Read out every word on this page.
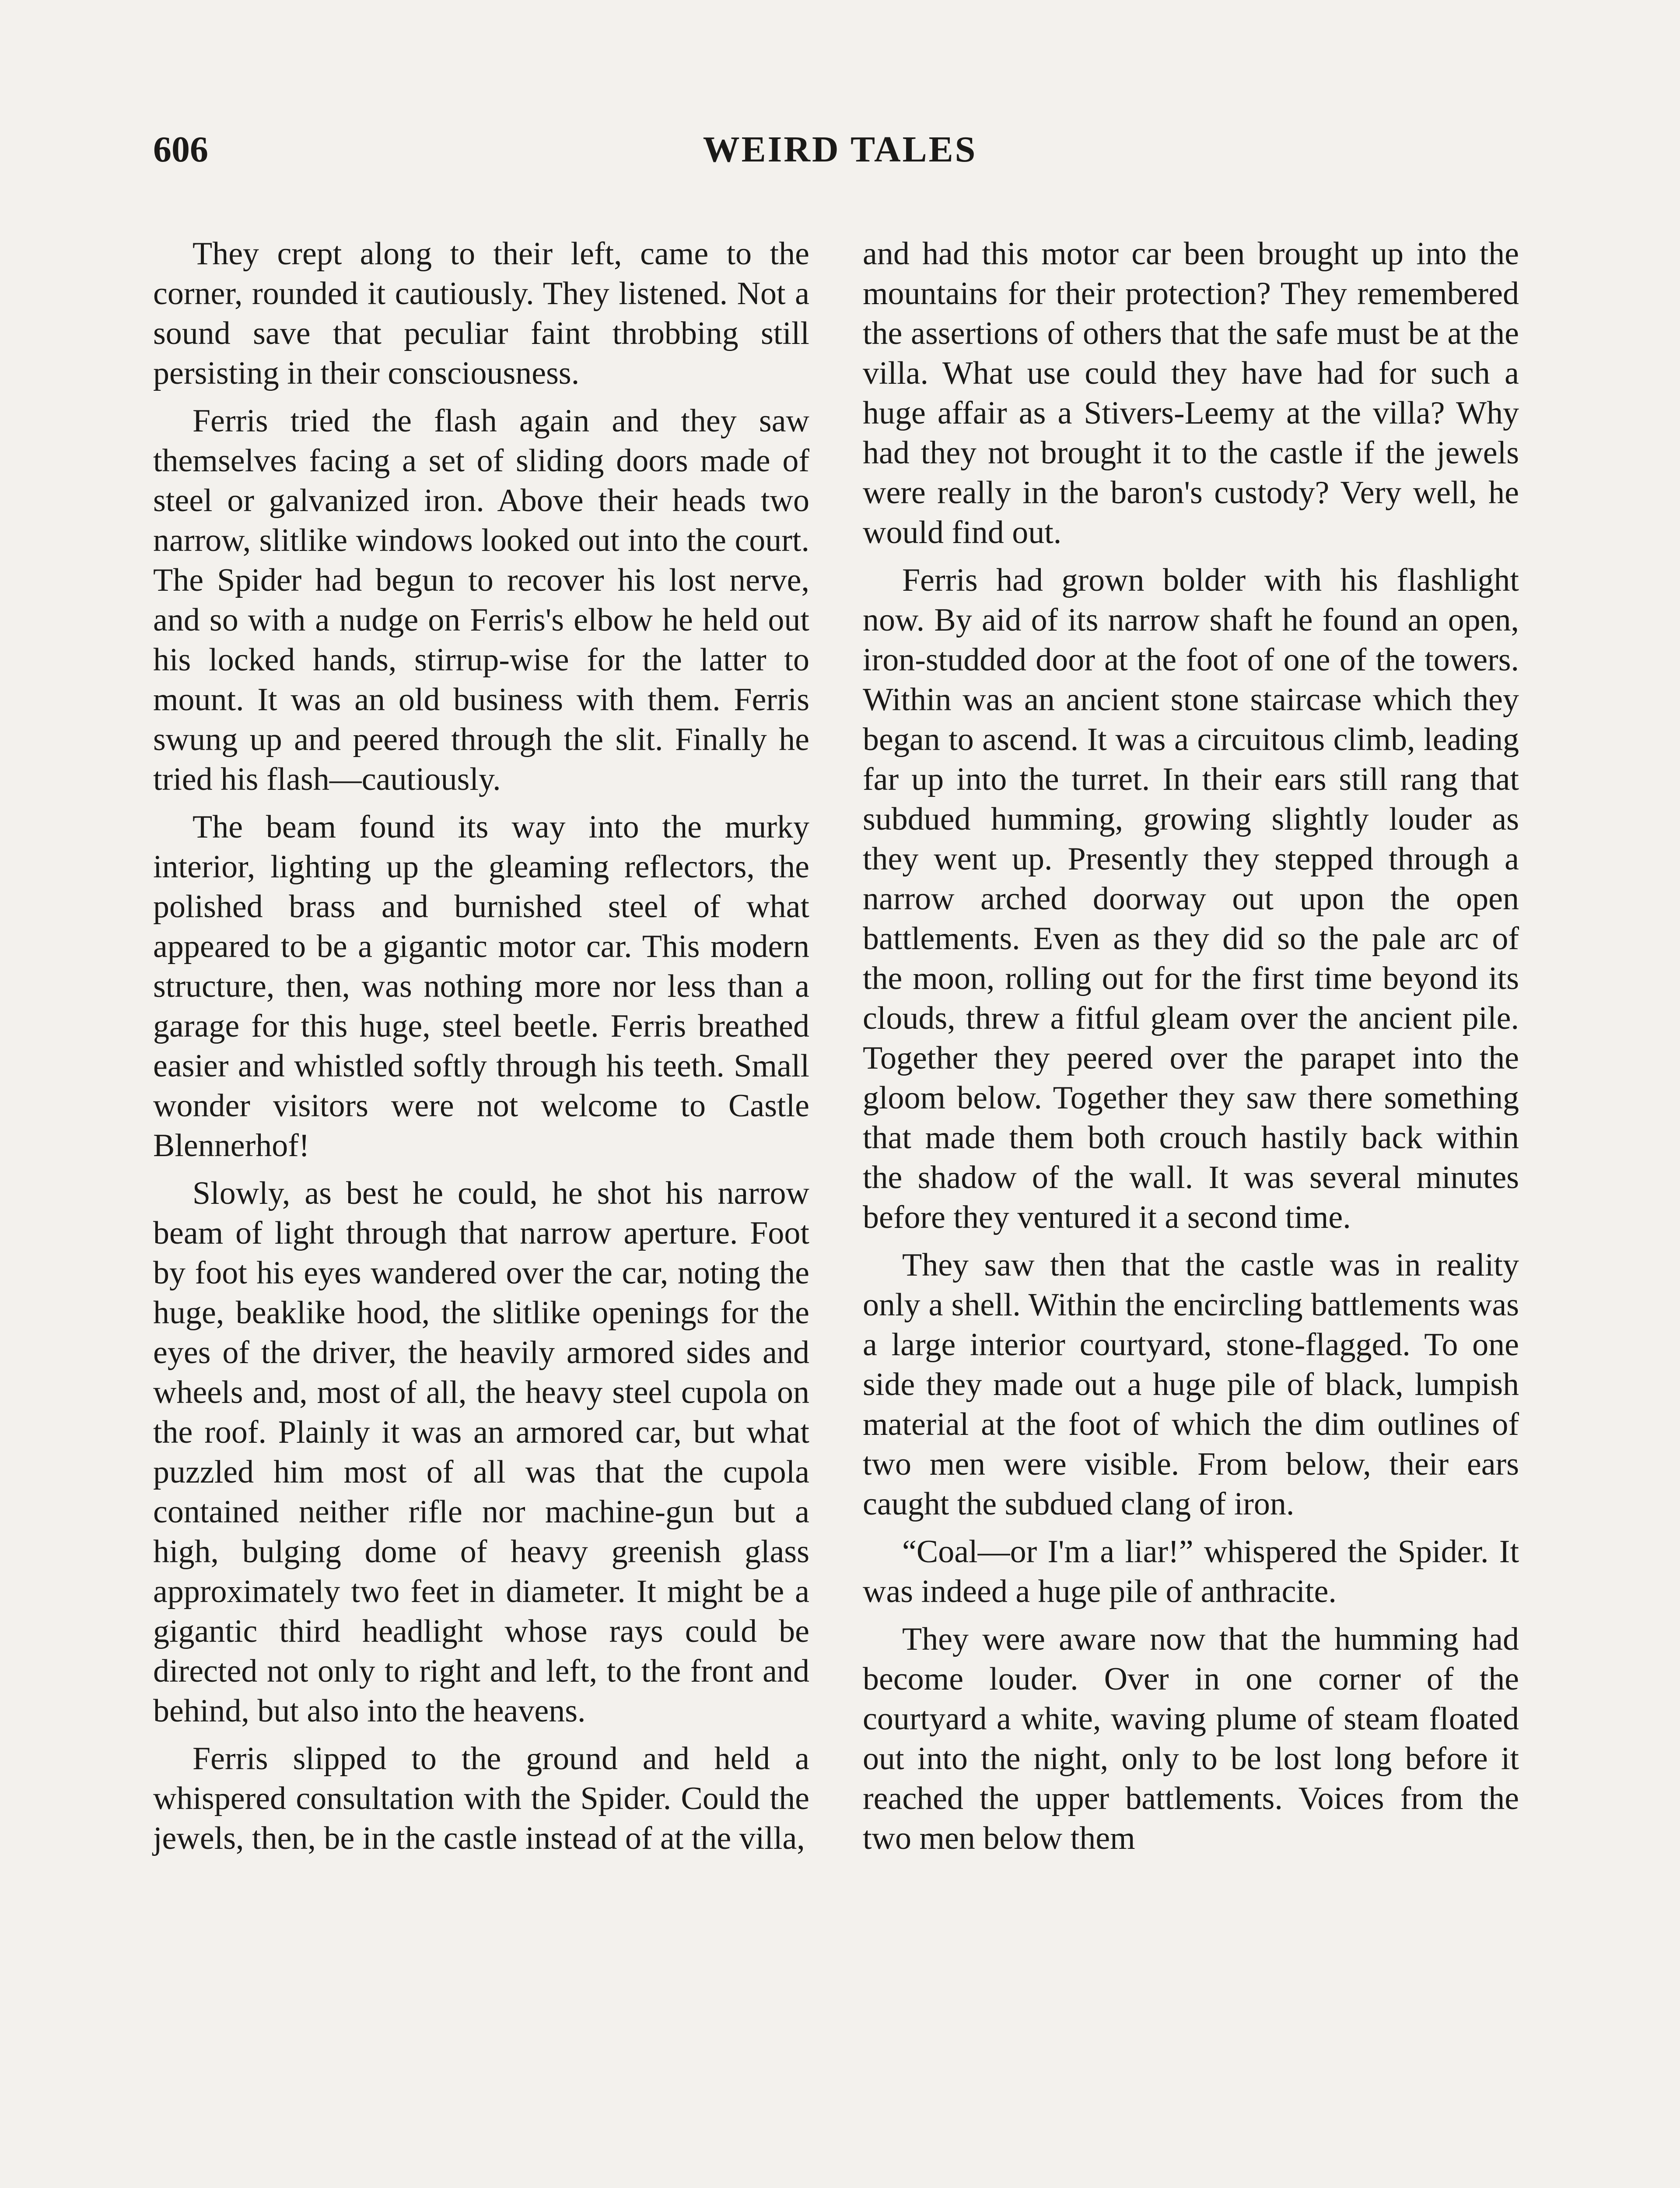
606	WEIRD TALES

They crept along to their left, came to the corner, rounded it cautiously. They listened. Not a sound save that peculiar faint throbbing still persisting in their consciousness.

Ferris tried the flash again and they saw themselves facing a set of sliding doors made of steel or galvanized iron. Above their heads two narrow, slitlike windows looked out into the court. The Spider had begun to recover his lost nerve, and so with a nudge on Ferris's elbow he held out his locked hands, stirrup-wise for the latter to mount. It was an old business with them. Ferris swung up and peered through the slit. Finally he tried his flash—cautiously.

The beam found its way into the murky interior, lighting up the gleaming reflectors, the polished brass and burnished steel of what appeared to be a gigantic motor car. This modern structure, then, was nothing more nor less than a garage for this huge, steel beetle. Ferris breathed easier and whistled softly through his teeth. Small wonder visitors were not welcome to Castle Blennerhof!

Slowly, as best he could, he shot his narrow beam of light through that narrow aperture. Foot by foot his eyes wandered over the car, noting the huge, beaklike hood, the slitlike openings for the eyes of the driver, the heavily armored sides and wheels and, most of all, the heavy steel cupola on the roof. Plainly it was an armored car, but what puzzled him most of all was that the cupola contained neither rifle nor machine-gun but a high, bulging dome of heavy greenish glass approximately two feet in diameter. It might be a gigantic third headlight whose rays could be directed not only to right and left, to the front and behind, but also into the heavens.

Ferris slipped to the ground and held a whispered consultation with the Spider. Could the jewels, then, be in the castle instead of at the villa,

and had this motor car been brought up into the mountains for their protection? They remembered the assertions of others that the safe must be at the villa. What use could they have had for such a huge affair as a Stivers-Leemy at the villa? Why had they not brought it to the castle if the jewels were really in the baron's custody? Very well, he would find out.

Ferris had grown bolder with his flashlight now. By aid of its narrow shaft he found an open, iron-studded door at the foot of one of the towers. Within was an ancient stone staircase which they began to ascend. It was a circuitous climb, leading far up into the turret. In their ears still rang that subdued humming, growing slightly louder as they went up. Presently they stepped through a narrow arched doorway out upon the open battlements. Even as they did so the pale arc of the moon, rolling out for the first time beyond its clouds, threw a fitful gleam over the ancient pile. Together they peered over the parapet into the gloom below. Together they saw there something that made them both crouch hastily back within the shadow of the wall. It was several minutes before they ventured it a second time.

They saw then that the castle was in reality only a shell. Within the encircling battlements was a large interior courtyard, stone-flagged. To one side they made out a huge pile of black, lumpish material at the foot of which the dim outlines of two men were visible. From below, their ears caught the subdued clang of iron.

“Coal—or I'm a liar!” whispered the Spider. It was indeed a huge pile of anthracite.

They were aware now that the humming had become louder. Over in one corner of the courtyard a white, waving plume of steam floated out into the night, only to be lost long before it reached the upper battlements. Voices from the two men below them
